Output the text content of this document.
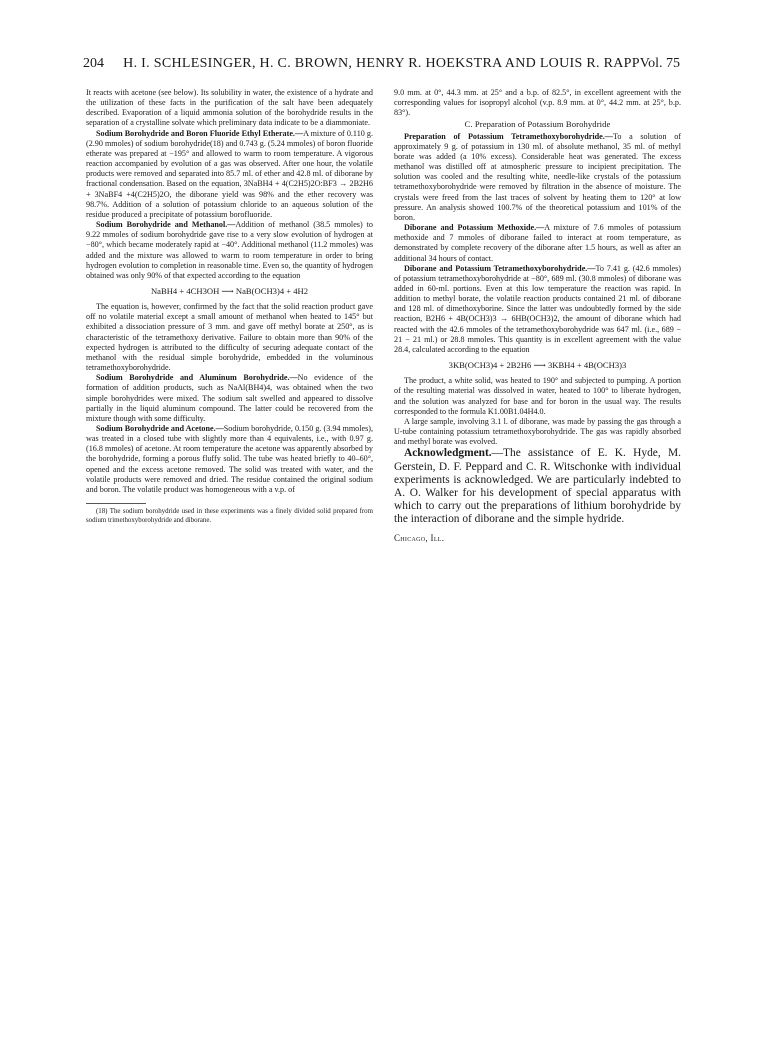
204	H. I. SCHLESINGER, H. C. BROWN, HENRY R. HOEKSTRA AND LOUIS R. RAPP Vol. 75

It reacts with acetone (see below). Its solubility in water, the existence of a hydrate and the utilization of these facts in the purification of the salt have been adequately described. Evaporation of a liquid ammonia solution of the borohydride results in the separation of a crystalline solvate which preliminary data indicate to be a diammoniate.

Sodium Borohydride and Boron Fluoride Ethyl Etherate.—A mixture of 0.110 g. (2.90 mmoles) of sodium borohydride(18) and 0.743 g. (5.24 mmoles) of boron fluoride etherate was prepared at −195° and allowed to warm to room temperature. A vigorous reaction accompanied by evolution of a gas was observed. After one hour, the volatile products were removed and separated into 85.7 ml. of ether and 42.8 ml. of diborane by fractional condensation. Based on the equation, 3NaBH4 + 4(C2H5)2O:BF3 → 2B2H6 + 3NaBF4 +4(C2H5)2O, the diborane yield was 98% and the ether recovery was 98.7%. Addition of a solution of potassium chloride to an aqueous solution of the residue produced a precipitate of potassium borofluoride.

Sodium Borohydride and Methanol.—Addition of methanol (38.5 mmoles) to 9.22 mmoles of sodium borohydride gave rise to a very slow evolution of hydrogen at −80°, which became moderately rapid at −40°. Additional methanol (11.2 mmoles) was added and the mixture was allowed to warm to room temperature in order to bring hydrogen evolution to completion in reasonable time. Even so, the quantity of hydrogen obtained was only 90% of that expected according to the equation

NaBH4 + 4CH3OH ⟶ NaB(OCH3)4 + 4H2

The equation is, however, confirmed by the fact that the solid reaction product gave off no volatile material except a small amount of methanol when heated to 145° but exhibited a dissociation pressure of 3 mm. and gave off methyl borate at 250°, as is characteristic of the tetramethoxy derivative. Failure to obtain more than 90% of the expected hydrogen is attributed to the difficulty of securing adequate contact of the methanol with the residual simple borohydride, embedded in the voluminous tetramethoxyborohydride.

Sodium Borohydride and Aluminum Borohydride.—No evidence of the formation of addition products, such as NaAl(BH4)4, was obtained when the two simple borohydrides were mixed. The sodium salt swelled and appeared to dissolve partially in the liquid aluminum compound. The latter could be recovered from the mixture though with some difficulty.

Sodium Borohydride and Acetone.—Sodium borohydride, 0.150 g. (3.94 mmoles), was treated in a closed tube with slightly more than 4 equivalents, i.e., with 0.97 g. (16.8 mmoles) of acetone. At room temperature the acetone was apparently absorbed by the borohydride, forming a porous fluffy solid. The tube was heated briefly to 40–60°, opened and the excess acetone removed. The solid was treated with water, and the volatile products were removed and dried. The residue contained the original sodium and boron. The volatile product was homogeneous with a v.p. of

(18) The sodium borohydride used in these experiments was a finely divided solid prepared from sodium trimethoxyborohydride and diborane.

9.0 mm. at 0°, 44.3 mm. at 25° and a b.p. of 82.5°, in excellent agreement with the corresponding values for isopropyl alcohol (v.p. 8.9 mm. at 0°, 44.2 mm. at 25°, b.p. 83°).

C. Preparation of Potassium Borohydride

Preparation of Potassium Tetramethoxyborohydride.—To a solution of approximately 9 g. of potassium in 130 ml. of absolute methanol, 35 ml. of methyl borate was added (a 10% excess). Considerable heat was generated. The excess methanol was distilled off at atmospheric pressure to incipient precipitation. The solution was cooled and the resulting white, needle-like crystals of the potassium tetramethoxyborohydride were removed by filtration in the absence of moisture. The crystals were freed from the last traces of solvent by heating them to 120° at low pressure. An analysis showed 100.7% of the theoretical potassium and 101% of the boron.

Diborane and Potassium Methoxide.—A mixture of 7.6 mmoles of potassium methoxide and 7 mmoles of diborane failed to interact at room temperature, as demonstrated by complete recovery of the diborane after 1.5 hours, as well as after an additional 34 hours of contact.

Diborane and Potassium Tetramethoxyborohydride.—To 7.41 g. (42.6 mmoles) of potassium tetramethoxyborohydride at −80°, 689 ml. (30.8 mmoles) of diborane was added in 60-ml. portions. Even at this low temperature the reaction was rapid. In addition to methyl borate, the volatile reaction products contained 21 ml. of diborane and 128 ml. of dimethoxyborine. Since the latter was undoubtedly formed by the side reaction, B2H6 + 4B(OCH3)3 → 6HB(OCH3)2, the amount of diborane which had reacted with the 42.6 mmoles of the tetramethoxyborohydride was 647 ml. (i.e., 689 − 21 − 21 ml.) or 28.8 mmoles. This quantity is in excellent agreement with the value 28.4, calculated according to the equation

3KB(OCH3)4 + 2B2H6 ⟶ 3KBH4 + 4B(OCH3)3

The product, a white solid, was heated to 190° and subjected to pumping. A portion of the resulting material was dissolved in water, heated to 100° to liberate hydrogen, and the solution was analyzed for base and for boron in the usual way. The results corresponded to the formula K1.00B1.04H4.0.

A large sample, involving 3.1 l. of diborane, was made by passing the gas through a U-tube containing potassium tetramethoxyborohydride. The gas was rapidly absorbed and methyl borate was evolved.

Acknowledgment.—The assistance of E. K. Hyde, M. Gerstein, D. F. Peppard and C. R. Witschonke with individual experiments is acknowledged. We are particularly indebted to A. O. Walker for his development of special apparatus with which to carry out the preparations of lithium borohydride by the interaction of diborane and the simple hydride.

Chicago, Ill.
